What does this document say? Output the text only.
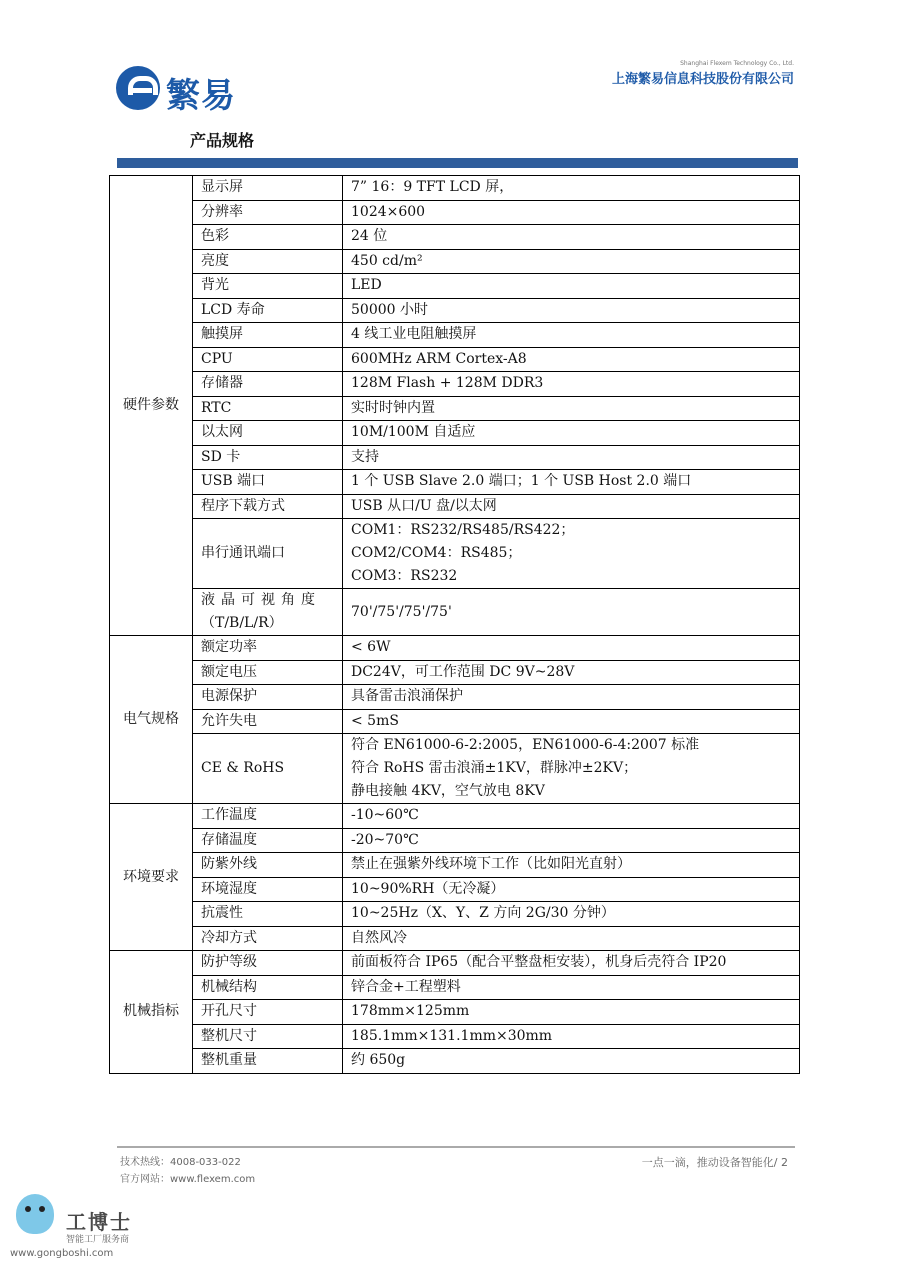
繁易
Shanghai Flexem Technology Co., Ltd.
上海繁易信息科技股份有限公司
产品规格
硬件参数	显示屏	7” 16：9 TFT LCD 屏，
	分辨率	1024×600
	色彩	24 位
	亮度	450 cd/m²
	背光	LED
	LCD 寿命	50000 小时
	触摸屏	4 线工业电阻触摸屏
	CPU	600MHz ARM Cortex-A8
	存储器	128M Flash + 128M DDR3
	RTC	实时时钟内置
	以太网	10M/100M 自适应
	SD 卡	支持
	USB 端口	1 个 USB Slave 2.0 端口；1 个 USB Host 2.0 端口
	程序下载方式	USB 从口/U 盘/以太网
	串行通讯端口	COM1：RS232/RS485/RS422；
COM2/COM4：RS485；
COM3：RS232

	液晶可视角度
（T/B/L/R）	70'/75'/75'/75'
电气规格	额定功率	< 6W
	额定电压	DC24V，可工作范围 DC 9V~28V
	电源保护	具备雷击浪涌保护
	允许失电	< 5mS
	CE & RoHS	符合 EN61000-6-2:2005，EN61000-6-4:2007 标准
符合 RoHS 雷击浪涌±1KV，群脉冲±2KV；
静电接触 4KV，空气放电 8KV

环境要求	工作温度	-10~60℃
	存储温度	-20~70℃
	防紫外线	禁止在强紫外线环境下工作（比如阳光直射）
	环境湿度	10~90%RH（无冷凝）
	抗震性	10~25Hz（X、Y、Z 方向 2G/30 分钟）
	冷却方式	自然风冷
机械指标	防护等级	前面板符合 IP65（配合平整盘柜安装），机身后壳符合 IP20
	机械结构	锌合金+工程塑料
	开孔尺寸	178mm×125mm
	整机尺寸	185.1mm×131.1mm×30mm
	整机重量	约 650g
技术热线：4008-033-022
官方网站：www.flexem.com
一点一滴，推动设备智能化/ 2
工博士
智能工厂服务商
www.gongboshi.com
